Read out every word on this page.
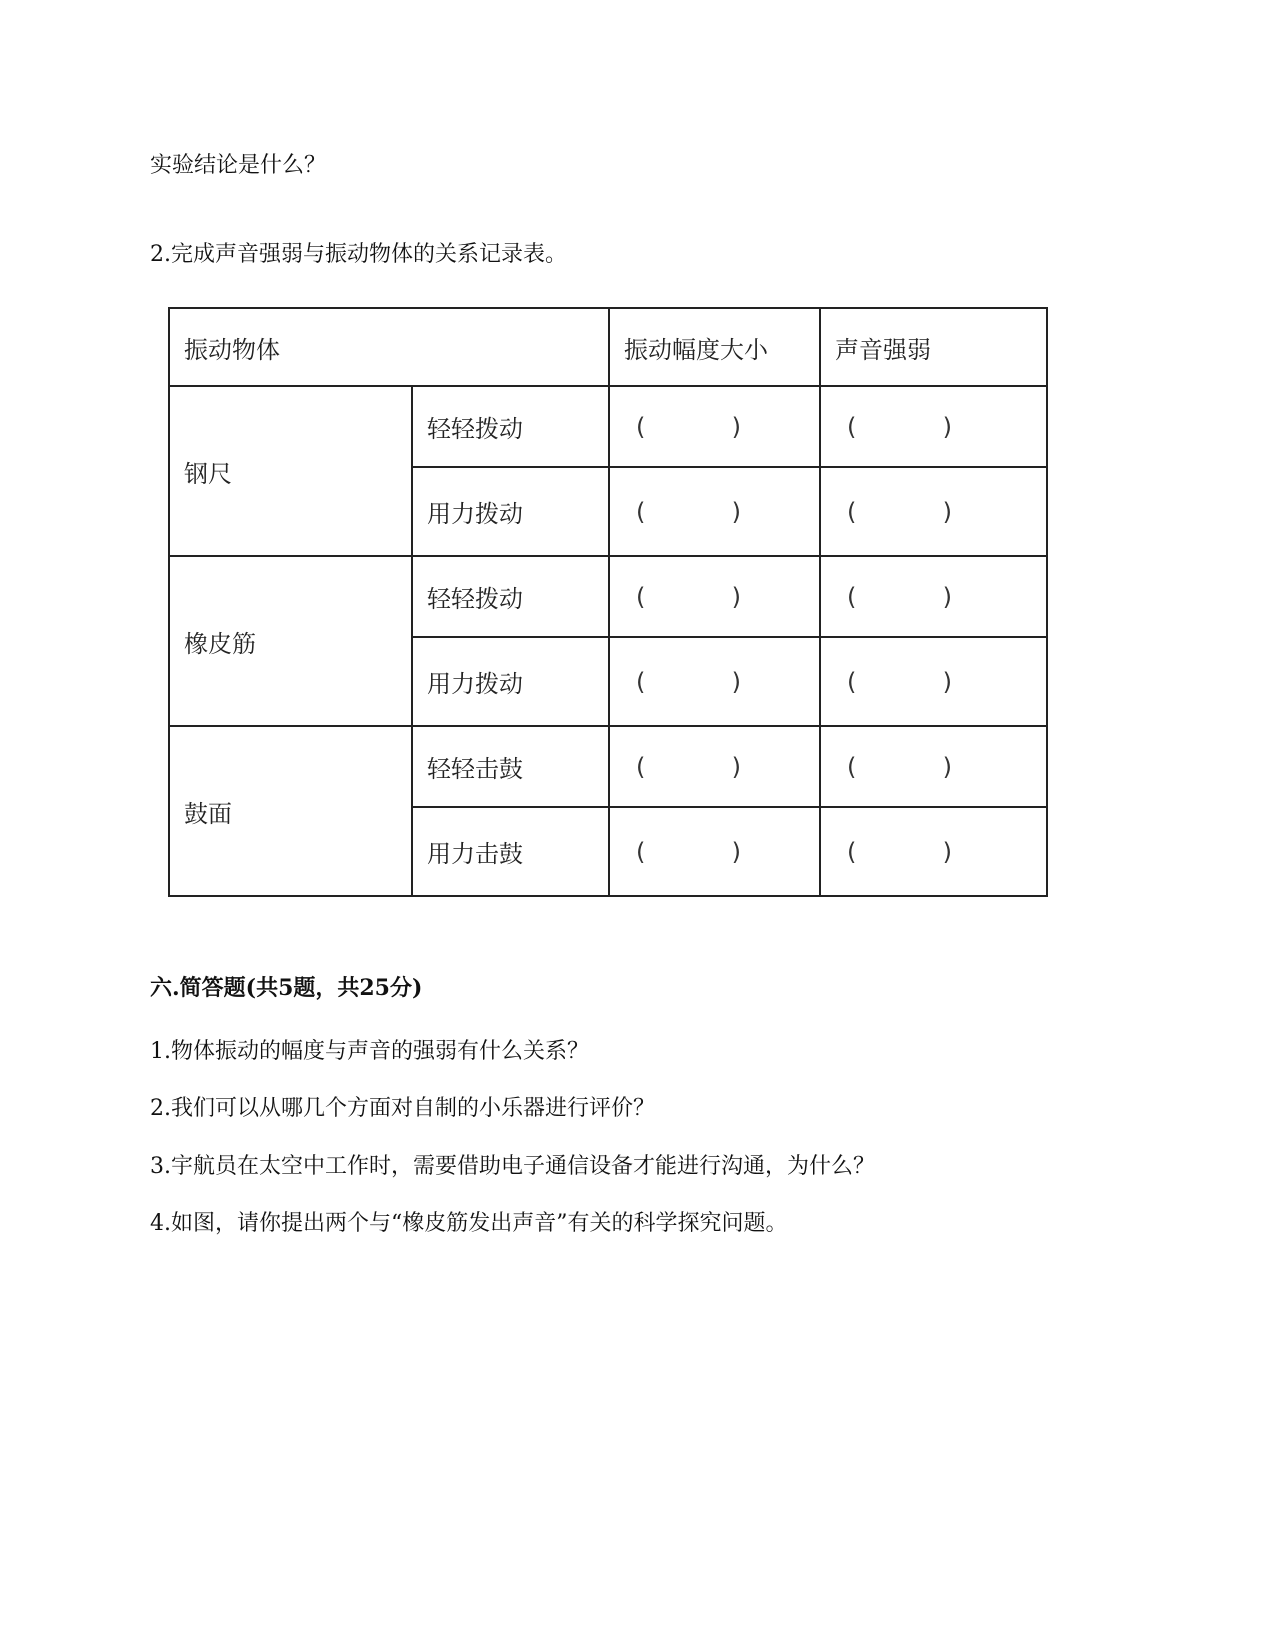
实验结论是什么？
2.完成声音强弱与振动物体的关系记录表。
振动物体		振动幅度大小	声音强弱
钢尺	轻轻拨动	( )	( )

	用力拨动	( )	( )

橡皮筋	轻轻拨动	( )	( )

	用力拨动	( )	( )

鼓面	轻轻击鼓	( )	( )

	用力击鼓	( )	( )
六.简答题(共5题，共25分)
1.物体振动的幅度与声音的强弱有什么关系？
2.我们可以从哪几个方面对自制的小乐器进行评价？
3.宇航员在太空中工作时，需要借助电子通信设备才能进行沟通，为什么？
4.如图，请你提出两个与“橡皮筋发出声音”有关的科学探究问题。
